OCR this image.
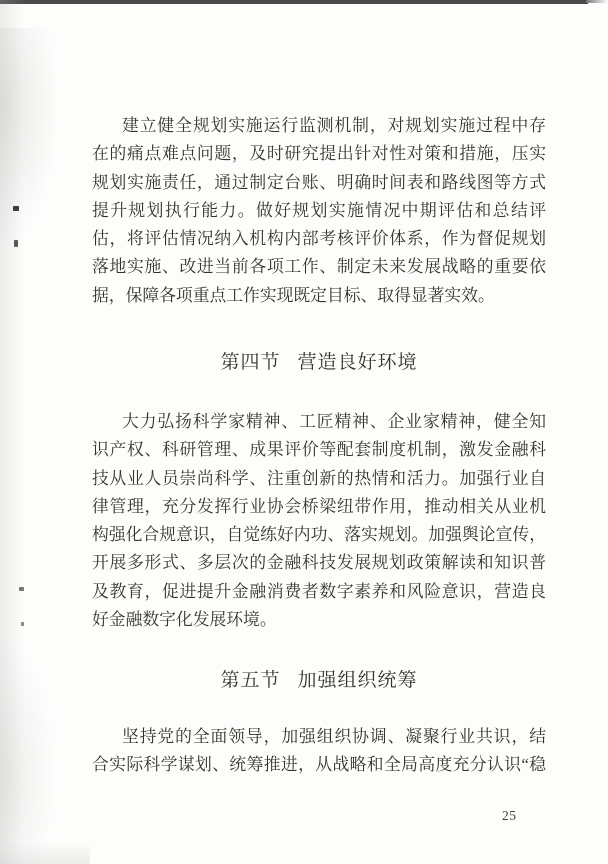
建立健全规划实施运行监测机制，对规划实施过程中存
在的痛点难点问题，及时研究提出针对性对策和措施，压实
规划实施责任，通过制定台账、明确时间表和路线图等方式
提升规划执行能力。做好规划实施情况中期评估和总结评
估，将评估情况纳入机构内部考核评价体系，作为督促规划
落地实施、改进当前各项工作、制定未来发展战略的重要依
据，保障各项重点工作实现既定目标、取得显著实效。
第四节 营造良好环境
大力弘扬科学家精神、工匠精神、企业家精神，健全知
识产权、科研管理、成果评价等配套制度机制，激发金融科
技从业人员崇尚科学、注重创新的热情和活力。加强行业自
律管理，充分发挥行业协会桥梁纽带作用，推动相关从业机
构强化合规意识，自觉练好内功、落实规划。加强舆论宣传，
开展多形式、多层次的金融科技发展规划政策解读和知识普
及教育，促进提升金融消费者数字素养和风险意识，营造良
好金融数字化发展环境。
第五节 加强组织统筹
坚持党的全面领导，加强组织协调、凝聚行业共识，结
合实际科学谋划、统筹推进，从战略和全局高度充分认识“稳
25
